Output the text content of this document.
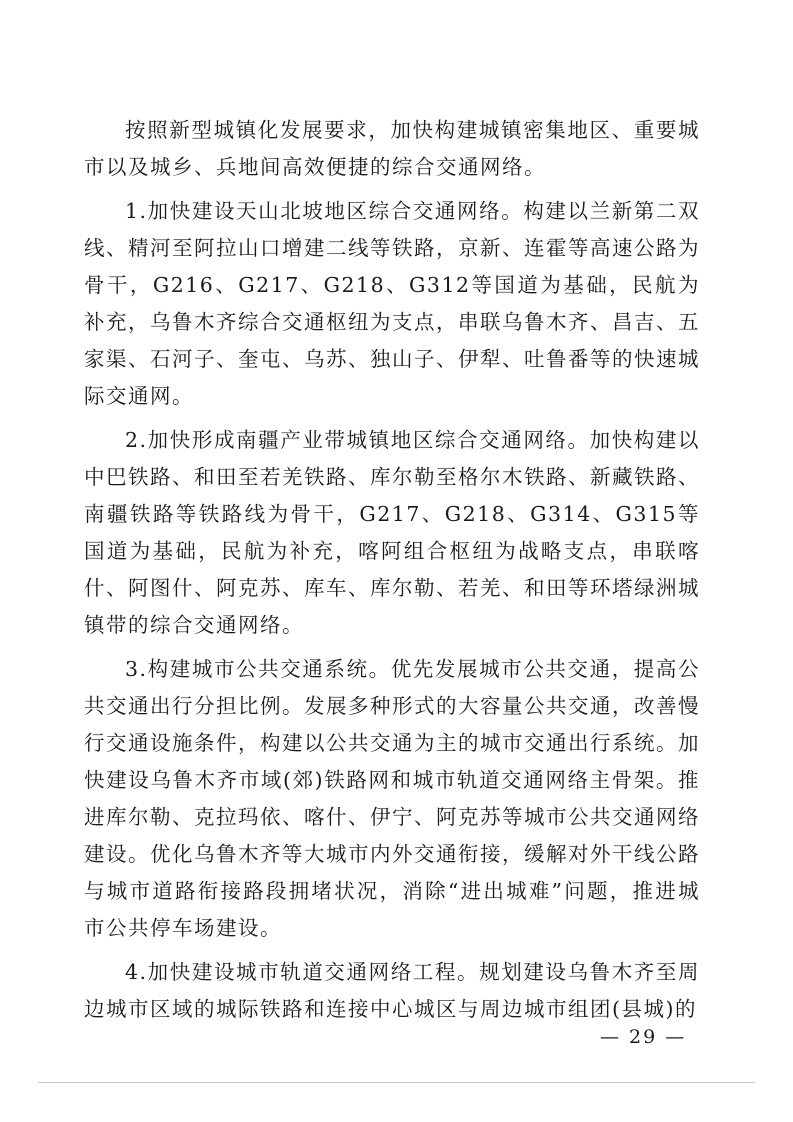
按照新型城镇化发展要求，加快构建城镇密集地区、重要城市以及城乡、兵地间高效便捷的综合交通网络。

1.加快建设天山北坡地区综合交通网络。构建以兰新第二双线、精河至阿拉山口增建二线等铁路，京新、连霍等高速公路为骨干，G216、G217、G218、G312等国道为基础，民航为补充，乌鲁木齐综合交通枢纽为支点，串联乌鲁木齐、昌吉、五家渠、石河子、奎屯、乌苏、独山子、伊犁、吐鲁番等的快速城际交通网。

2.加快形成南疆产业带城镇地区综合交通网络。加快构建以中巴铁路、和田至若羌铁路、库尔勒至格尔木铁路、新藏铁路、南疆铁路等铁路线为骨干，G217、G218、G314、G315等国道为基础，民航为补充，喀阿组合枢纽为战略支点，串联喀什、阿图什、阿克苏、库车、库尔勒、若羌、和田等环塔绿洲城镇带的综合交通网络。

3.构建城市公共交通系统。优先发展城市公共交通，提高公共交通出行分担比例。发展多种形式的大容量公共交通，改善慢行交通设施条件，构建以公共交通为主的城市交通出行系统。加快建设乌鲁木齐市域(郊)铁路网和城市轨道交通网络主骨架。推进库尔勒、克拉玛依、喀什、伊宁、阿克苏等城市公共交通网络建设。优化乌鲁木齐等大城市内外交通衔接，缓解对外干线公路与城市道路衔接路段拥堵状况，消除“进出城难”问题，推进城市公共停车场建设。

4.加快建设城市轨道交通网络工程。规划建设乌鲁木齐至周边城市区域的城际铁路和连接中心城区与周边城市组团(县城)的

— 29 —
